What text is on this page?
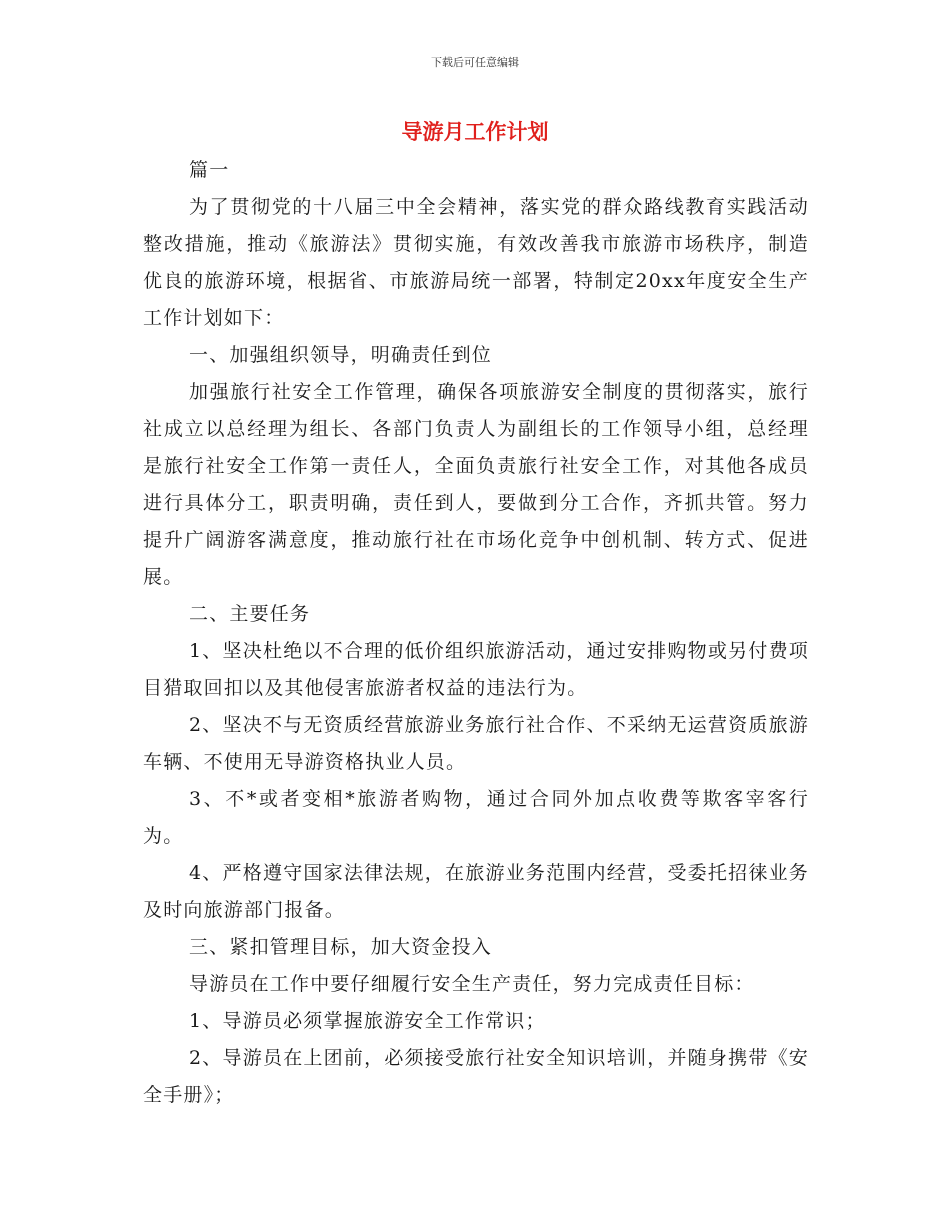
下载后可任意编辑
导游月工作计划

篇一

为了贯彻党的十八届三中全会精神，落实党的群众路线教育实践活动整改措施，推动《旅游法》贯彻实施，有效改善我市旅游市场秩序，制造优良的旅游环境，根据省、市旅游局统一部署，特制定20xx年度安全生产工作计划如下：

一、加强组织领导，明确责任到位

加强旅行社安全工作管理，确保各项旅游安全制度的贯彻落实，旅行社成立以总经理为组长、各部门负责人为副组长的工作领导小组，总经理是旅行社安全工作第一责任人，全面负责旅行社安全工作，对其他各成员进行具体分工，职责明确，责任到人，要做到分工合作，齐抓共管。努力提升广阔游客满意度，推动旅行社在市场化竞争中创机制、转方式、促进展。

二、主要任务

1、坚决杜绝以不合理的低价组织旅游活动，通过安排购物或另付费项目猎取回扣以及其他侵害旅游者权益的违法行为。

2、坚决不与无资质经营旅游业务旅行社合作、不采纳无运营资质旅游车辆、不使用无导游资格执业人员。

3、不*或者变相*旅游者购物，通过合同外加点收费等欺客宰客行为。

4、严格遵守国家法律法规，在旅游业务范围内经营，受委托招徕业务及时向旅游部门报备。

三、紧扣管理目标，加大资金投入

导游员在工作中要仔细履行安全生产责任，努力完成责任目标：

1、导游员必须掌握旅游安全工作常识；

2、导游员在上团前，必须接受旅行社安全知识培训，并随身携带《安全手册》；
